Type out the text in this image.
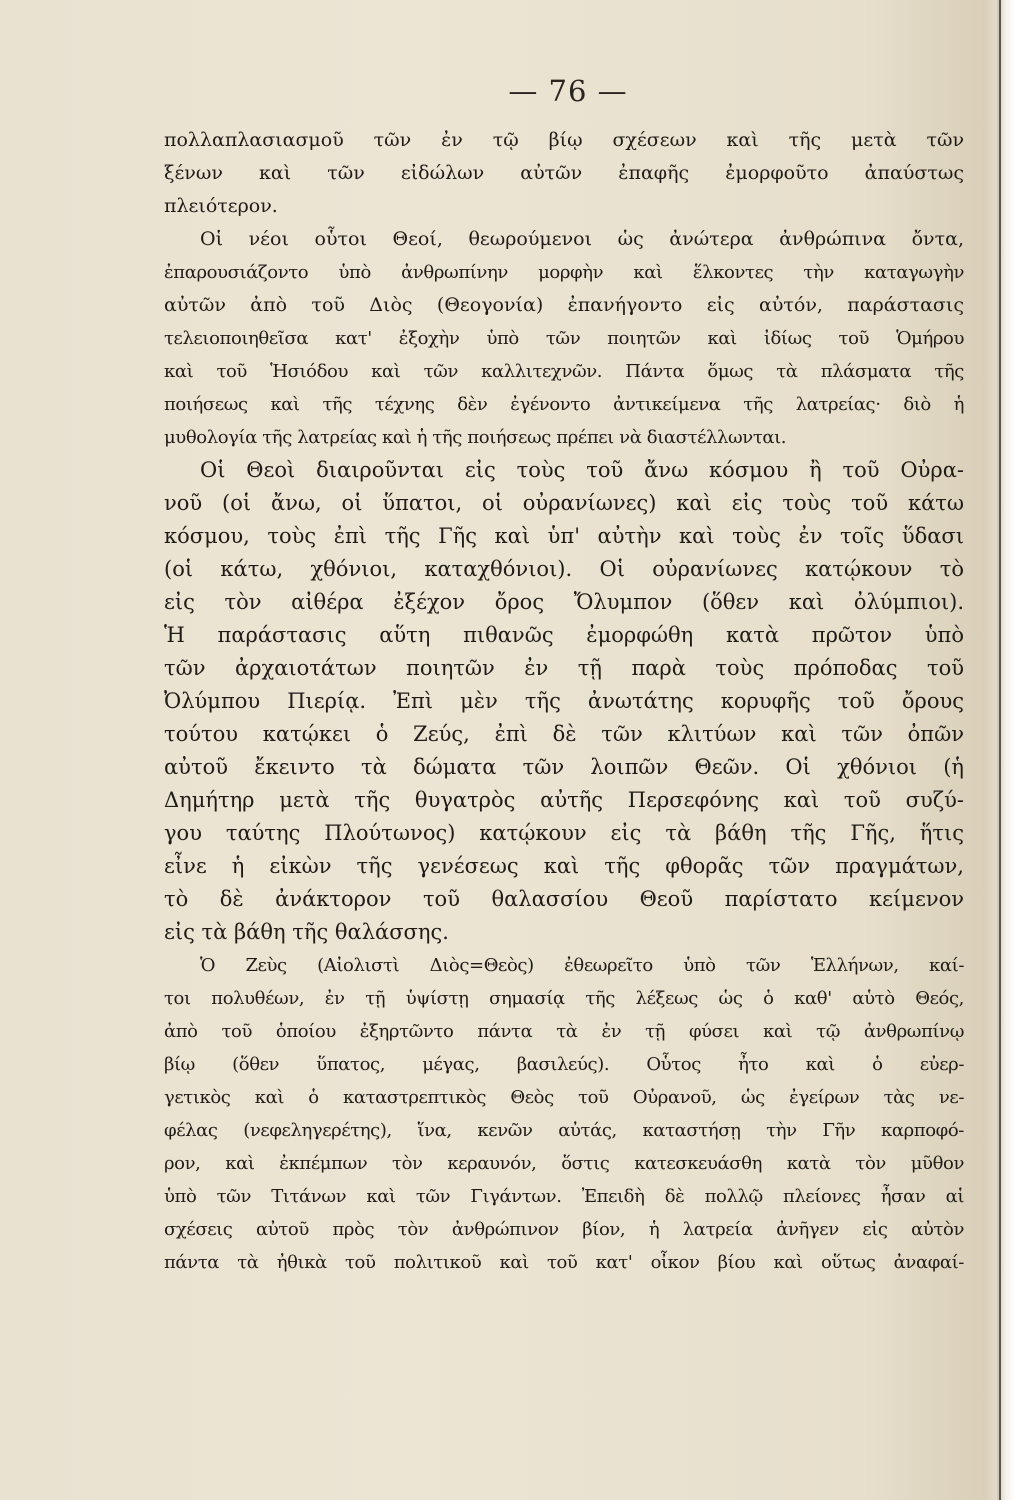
— 76 —
πολλαπλασιασμοῦ τῶν ἐν τῷ βίῳ σχέσεων καὶ τῆς μετὰ τῶν
ξένων καὶ τῶν εἰδώλων αὐτῶν ἐπαφῆς ἐμορφοῦτο ἀπαύστως
πλειότερον.
Οἱ νέοι οὗτοι Θεοί, θεωρούμενοι ὡς ἀνώτερα ἀνθρώπινα ὄντα,
ἐπαρουσιάζοντο ὑπὸ ἀνθρωπίνην μορφὴν καὶ ἕλκοντες τὴν καταγωγὴν
αὐτῶν ἀπὸ τοῦ Διὸς (Θεογονία) ἐπανήγοντο εἰς αὐτόν, παράστασις
τελειοποιηθεῖσα κατ' ἐξοχὴν ὑπὸ τῶν ποιητῶν καὶ ἰδίως τοῦ Ὁμήρου
καὶ τοῦ Ἡσιόδου καὶ τῶν καλλιτεχνῶν. Πάντα ὅμως τὰ πλάσματα τῆς
ποιήσεως καὶ τῆς τέχνης δὲν ἐγένοντο ἀντικείμενα τῆς λατρείας· διὸ ἡ
μυθολογία τῆς λατρείας καὶ ἡ τῆς ποιήσεως πρέπει νὰ διαστέλλωνται.
Οἱ Θεοὶ διαιροῦνται εἰς τοὺς τοῦ ἄνω κόσμου ἢ τοῦ Οὐρα-
νοῦ (οἱ ἄνω, οἱ ὕπατοι, οἱ οὐρανίωνες) καὶ εἰς τοὺς τοῦ κάτω
κόσμου, τοὺς ἐπὶ τῆς Γῆς καὶ ὑπ' αὐτὴν καὶ τοὺς ἐν τοῖς ὕδασι
(οἱ κάτω, χθόνιοι, καταχθόνιοι). Οἱ οὐρανίωνες κατῴκουν τὸ
εἰς τὸν αἰθέρα ἐξέχον ὄρος Ὄλυμπον (ὅθεν καὶ ὀλύμπιοι).
Ἡ παράστασις αὕτη πιθανῶς ἐμορφώθη κατὰ πρῶτον ὑπὸ
τῶν ἀρχαιοτάτων ποιητῶν ἐν τῇ παρὰ τοὺς πρόποδας τοῦ
Ὀλύμπου Πιερίᾳ. Ἐπὶ μὲν τῆς ἀνωτάτης κορυφῆς τοῦ ὄρους
τούτου κατῴκει ὁ Ζεύς, ἐπὶ δὲ τῶν κλιτύων καὶ τῶν ὀπῶν
αὐτοῦ ἔκειντο τὰ δώματα τῶν λοιπῶν Θεῶν. Οἱ χθόνιοι (ἡ
Δημήτηρ μετὰ τῆς θυγατρὸς αὐτῆς Περσεφόνης καὶ τοῦ συζύ-
γου ταύτης Πλούτωνος) κατῴκουν εἰς τὰ βάθη τῆς Γῆς, ἥτις
εἶνε ἡ εἰκὼν τῆς γενέσεως καὶ τῆς φθορᾶς τῶν πραγμάτων,
τὸ δὲ ἀνάκτορον τοῦ θαλασσίου Θεοῦ παρίστατο κείμενον
εἰς τὰ βάθη τῆς θαλάσσης.
Ὁ Ζεὺς (Αἰολιστὶ Διὸς=Θεὸς) ἐθεωρεῖτο ὑπὸ τῶν Ἑλλήνων, καί-
τοι πολυθέων, ἐν τῇ ὑψίστῃ σημασίᾳ τῆς λέξεως ὡς ὁ καθ' αὑτὸ Θεός,
ἀπὸ τοῦ ὁποίου ἐξηρτῶντο πάντα τὰ ἐν τῇ φύσει καὶ τῷ ἀνθρωπίνῳ
βίῳ (ὅθεν ὕπατος, μέγας, βασιλεύς). Οὗτος ἦτο καὶ ὁ εὐερ-
γετικὸς καὶ ὁ καταστρεπτικὸς Θεὸς τοῦ Οὐρανοῦ, ὡς ἐγείρων τὰς νε-
φέλας (νεφεληγερέτης), ἵνα, κενῶν αὐτάς, καταστήσῃ τὴν Γῆν καρποφό-
ρον, καὶ ἐκπέμπων τὸν κεραυνόν, ὅστις κατεσκευάσθη κατὰ τὸν μῦθον
ὑπὸ τῶν Τιτάνων καὶ τῶν Γιγάντων. Ἐπειδὴ δὲ πολλῷ πλείονες ἦσαν αἱ
σχέσεις αὐτοῦ πρὸς τὸν ἀνθρώπινον βίον, ἡ λατρεία ἀνῆγεν εἰς αὐτὸν
πάντα τὰ ἠθικὰ τοῦ πολιτικοῦ καὶ τοῦ κατ' οἶκον βίου καὶ οὕτως ἀναφαί-
